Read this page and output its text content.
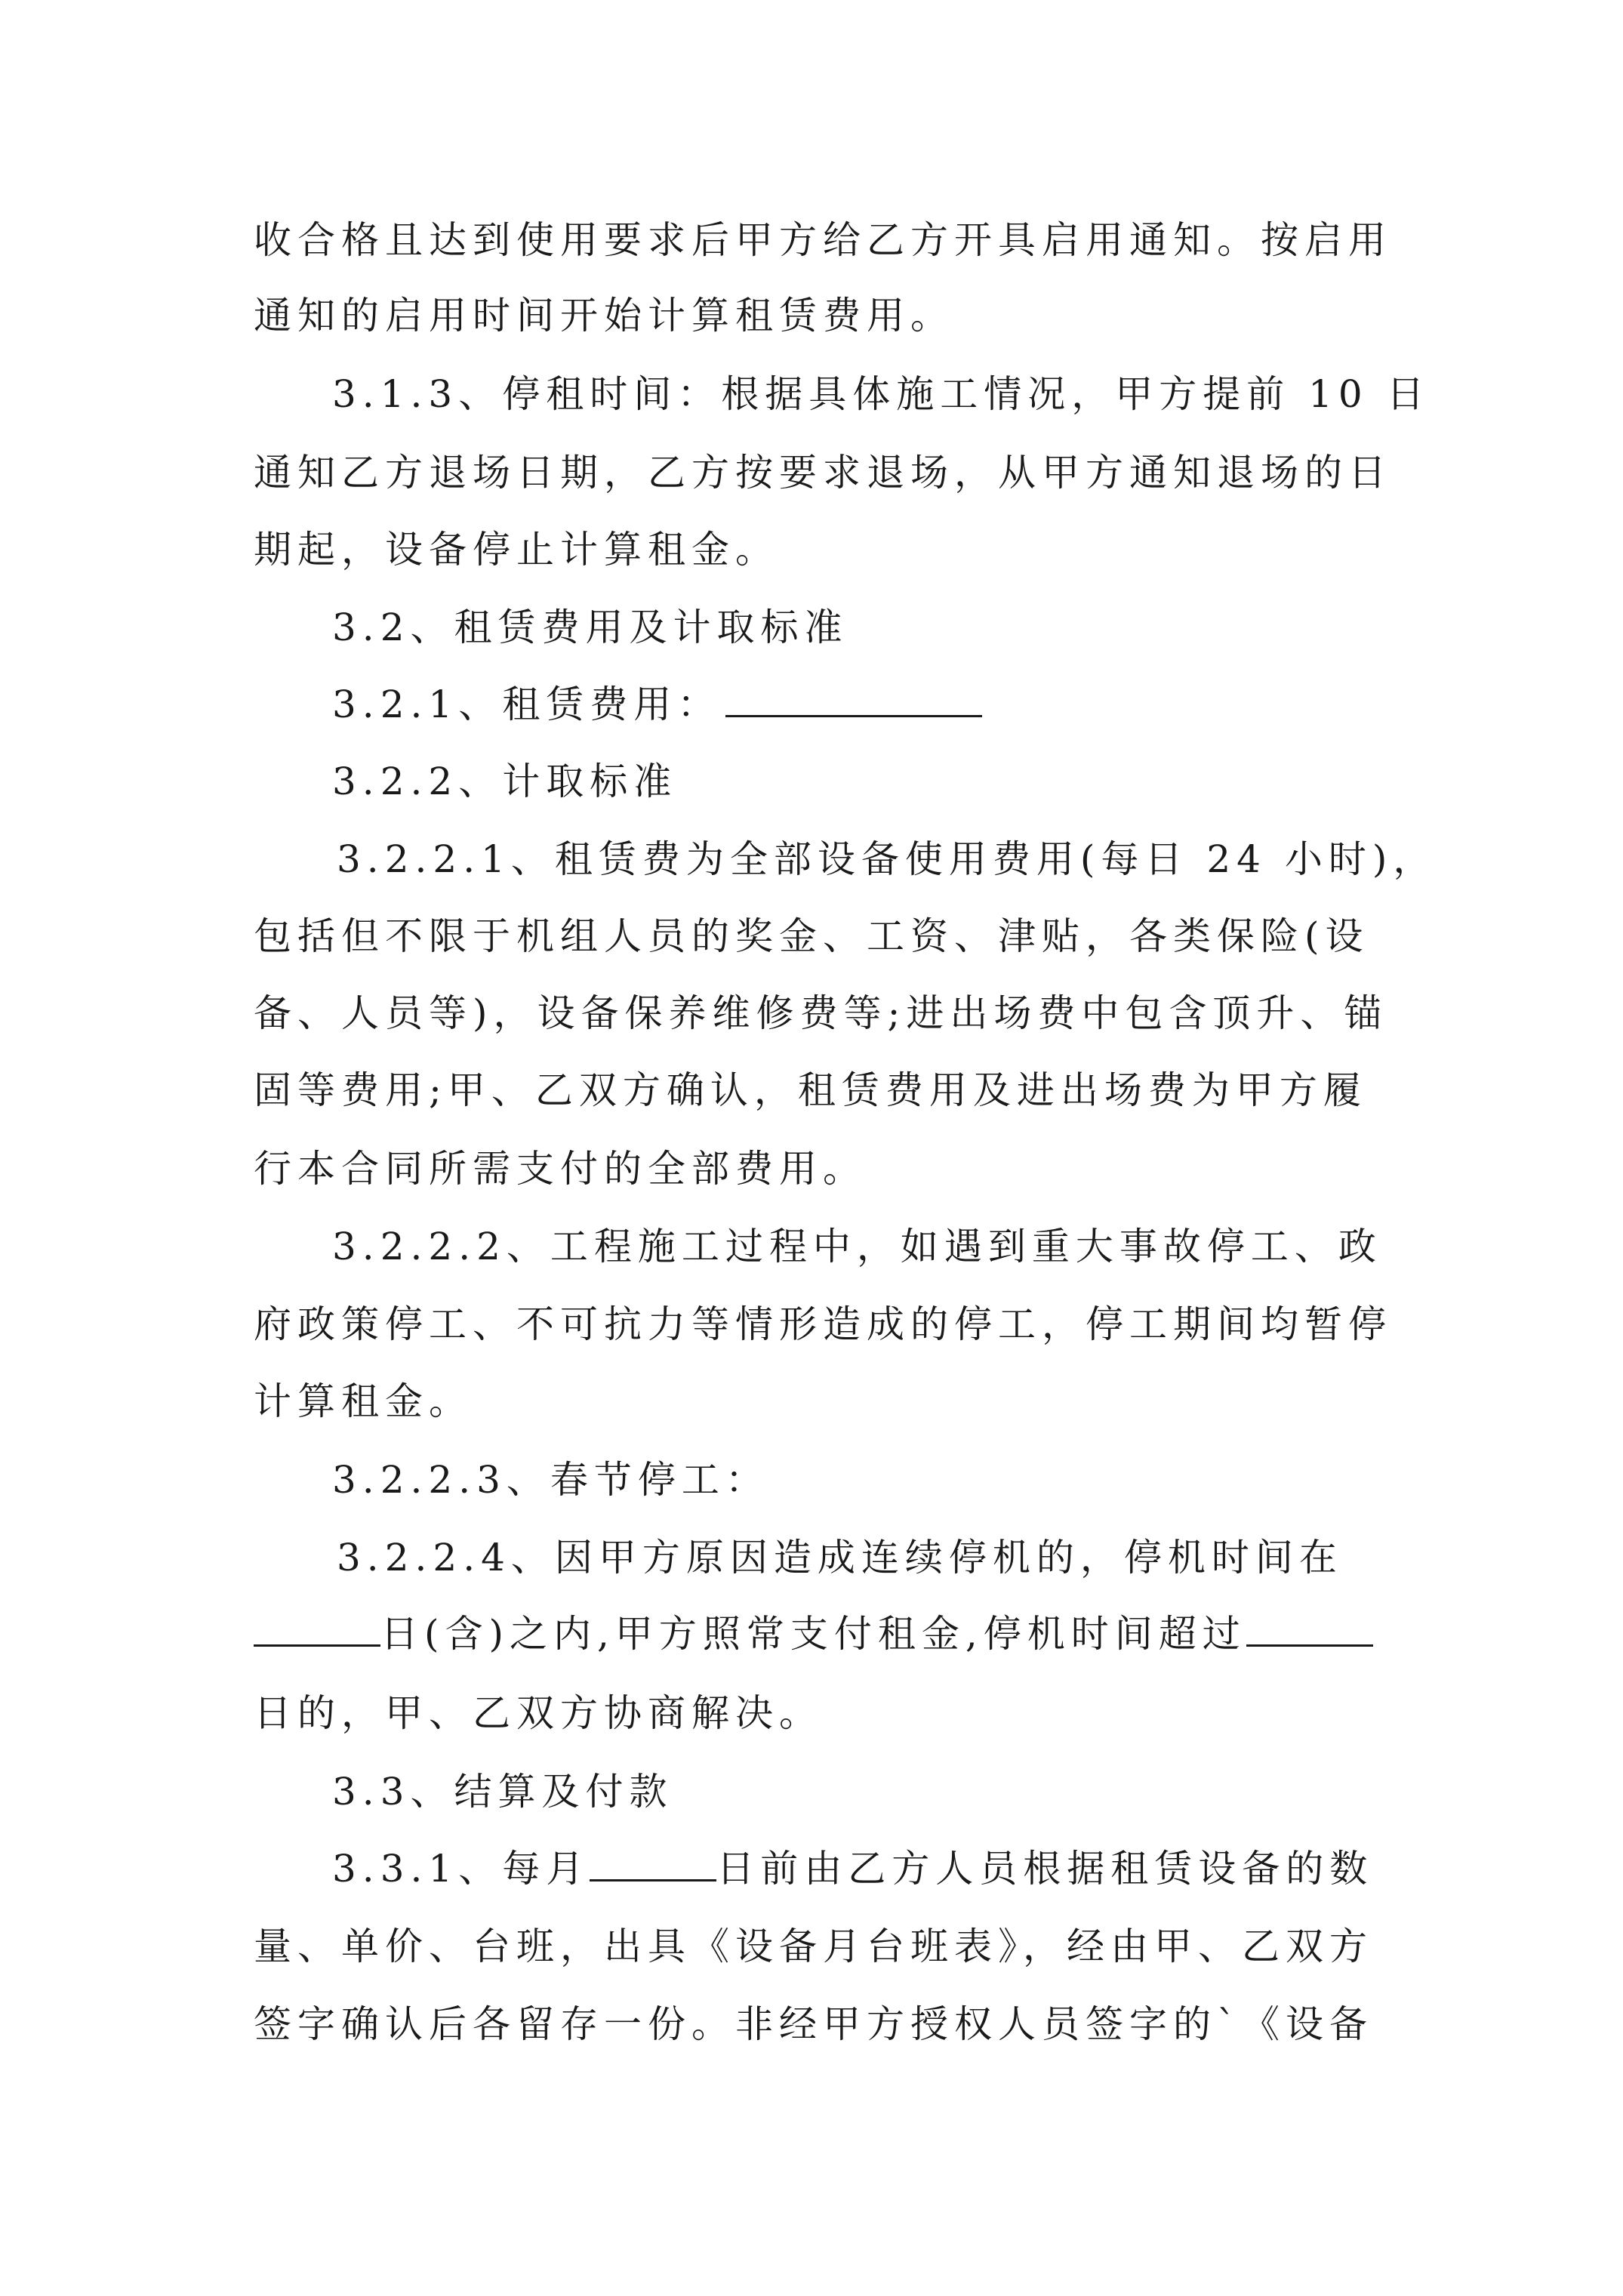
收合格且达到使用要求后甲方给乙方开具启用通知。按启用
通知的启用时间开始计算租赁费用。
3.1.3、停租时间：根据具体施工情况，甲方提前 10 日
通知乙方退场日期，乙方按要求退场，从甲方通知退场的日
期起，设备停止计算租金。
3.2、租赁费用及计取标准
3.2.1、租赁费用：
3.2.2、计取标准
3.2.2.1、租赁费为全部设备使用费用(每日 24 小时)，
包括但不限于机组人员的奖金、工资、津贴，各类保险(设
备、人员等)，设备保养维修费等;进出场费中包含顶升、锚
固等费用;甲、乙双方确认，租赁费用及进出场费为甲方履
行本合同所需支付的全部费用。
3.2.2.2、工程施工过程中，如遇到重大事故停工、政
府政策停工、不可抗力等情形造成的停工，停工期间均暂停
计算租金。
3.2.2.3、春节停工：
3.2.2.4、因甲方原因造成连续停机的，停机时间在
日(含)之内,甲方照常支付租金,停机时间超过
日的，甲、乙双方协商解决。
3.3、结算及付款
3.3.1、每月	日前由乙方人员根据租赁设备的数
量、单价、台班，出具《设备月台班表》，经由甲、乙双方
签字确认后各留存一份。非经甲方授权人员签字的`《设备
